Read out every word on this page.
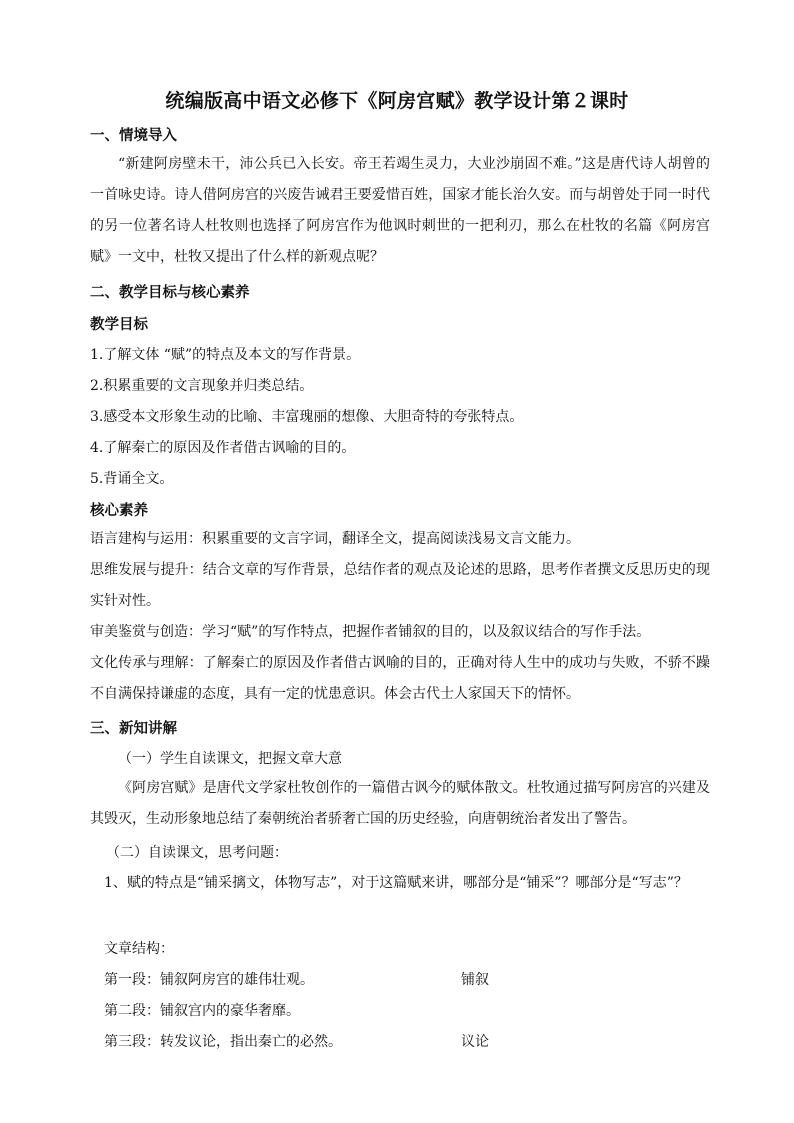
统编版高中语文必修下《阿房宫赋》教学设计第２课时
一、情境导入
“新建阿房壁未干，沛公兵已入长安。帝王若竭生灵力，大业沙崩固不难。”这是唐代诗人胡曾的一首咏史诗。诗人借阿房宫的兴废告诫君王要爱惜百姓，国家才能长治久安。而与胡曾处于同一时代的另一位著名诗人杜牧则也选择了阿房宫作为他讽时刺世的一把利刃，那么在杜牧的名篇《阿房宫赋》一文中，杜牧又提出了什么样的新观点呢？
二、教学目标与核心素养
教学目标
1.了解文体 “赋”的特点及本文的写作背景。
2.积累重要的文言现象并归类总结。
3.感受本文形象生动的比喻、丰富瑰丽的想像、大胆奇特的夸张特点。
4.了解秦亡的原因及作者借古讽喻的目的。
5.背诵全文。
核心素养
语言建构与运用：积累重要的文言字词，翻译全文，提高阅读浅易文言文能力。
思维发展与提升：结合文章的写作背景，总结作者的观点及论述的思路，思考作者撰文反思历史的现实针对性。
审美鉴赏与创造：学习“赋”的写作特点，把握作者铺叙的目的，以及叙议结合的写作手法。
文化传承与理解：了解秦亡的原因及作者借古讽喻的目的，正确对待人生中的成功与失败，不骄不躁不自满保持谦虚的态度，具有一定的忧患意识。体会古代士人家国天下的情怀。
三、新知讲解
（一）学生自读课文，把握文章大意
《阿房宫赋》是唐代文学家杜牧创作的一篇借古讽今的赋体散文。杜牧通过描写阿房宫的兴建及其毁灭，生动形象地总结了秦朝统治者骄奢亡国的历史经验，向唐朝统治者发出了警告。
（二）自读课文，思考问题：
1、赋的特点是“铺采摛文，体物写志”，对于这篇赋来讲，哪部分是“铺采”？哪部分是“写志”？
文章结构：
第一段：铺叙阿房宫的雄伟壮观。	铺叙
第二段：铺叙宫内的豪华奢靡。
第三段：转发议论，指出秦亡的必然。	议论
